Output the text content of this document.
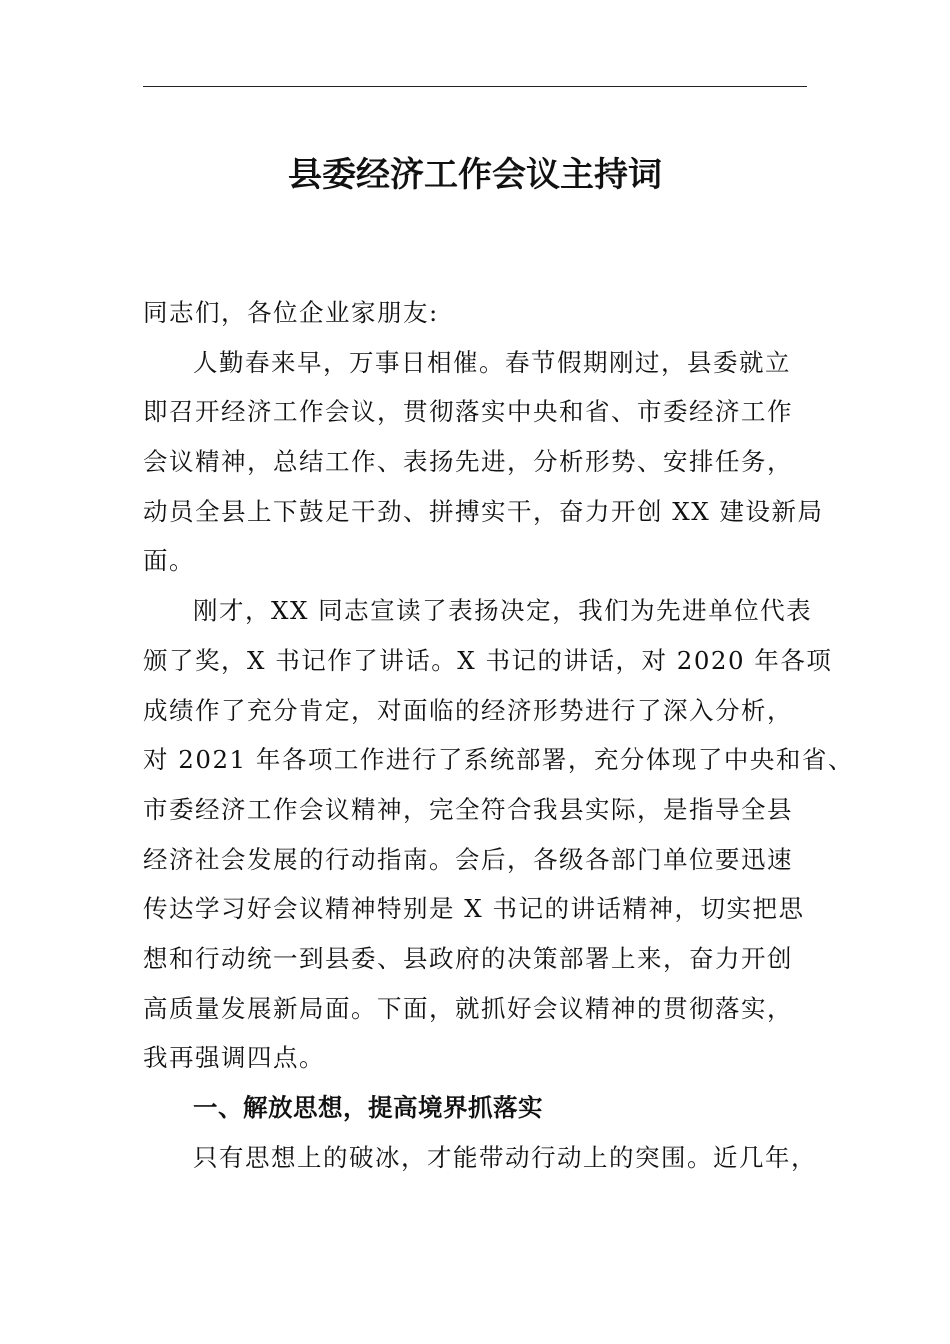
县委经济工作会议主持词
同志们，各位企业家朋友:
人勤春来早，万事日相催。春节假期刚过，县委就立
即召开经济工作会议，贯彻落实中央和省、市委经济工作
会议精神，总结工作、表扬先进，分析形势、安排任务，
动员全县上下鼓足干劲、拼搏实干，奋力开创 XX 建设新局
面。
刚才，XX 同志宣读了表扬决定，我们为先进单位代表
颁了奖，X 书记作了讲话。X 书记的讲话，对 2020 年各项
成绩作了充分肯定，对面临的经济形势进行了深入分析，
对 2021 年各项工作进行了系统部署，充分体现了中央和省、
市委经济工作会议精神，完全符合我县实际，是指导全县
经济社会发展的行动指南。会后，各级各部门单位要迅速
传达学习好会议精神特别是 X 书记的讲话精神，切实把思
想和行动统一到县委、县政府的决策部署上来，奋力开创
高质量发展新局面。下面，就抓好会议精神的贯彻落实，
我再强调四点。
一、解放思想，提高境界抓落实
只有思想上的破冰，才能带动行动上的突围。近几年，
